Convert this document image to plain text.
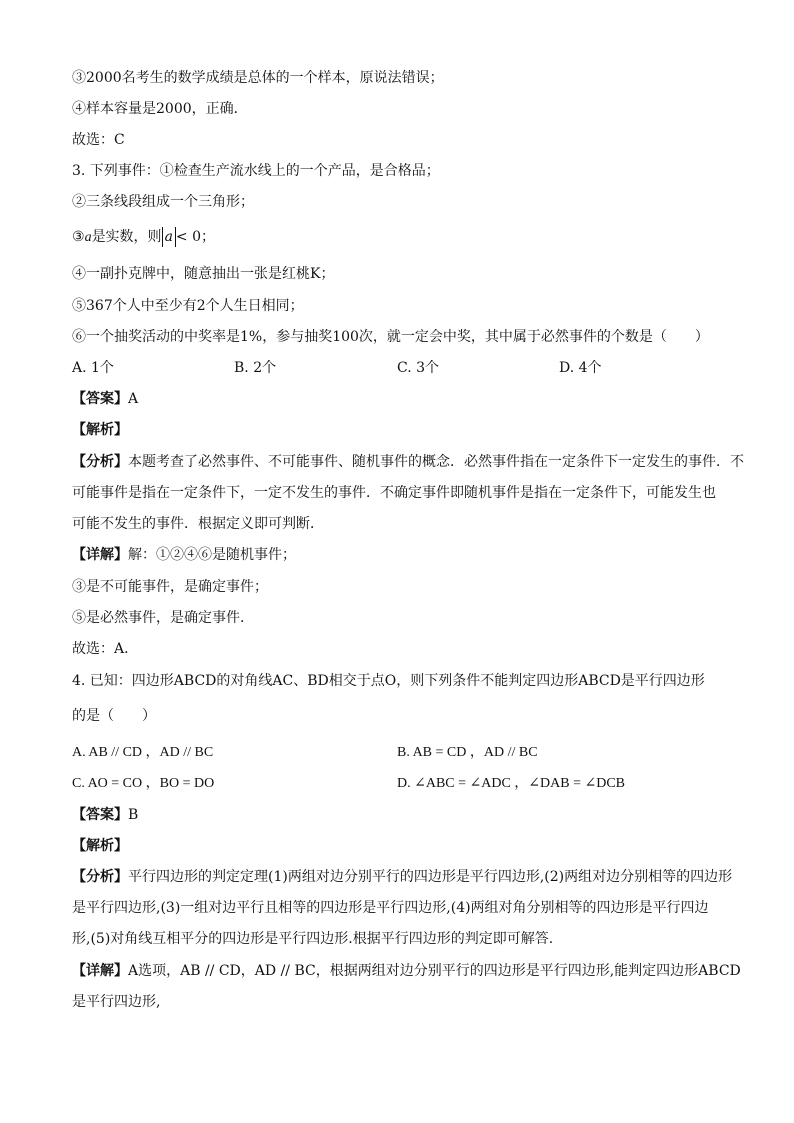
③2000名考生的数学成绩是总体的一个样本，原说法错误；
④样本容量是2000，正确．
故选：C
3. 下列事件：①检查生产流水线上的一个产品，是合格品；
②三条线段组成一个三角形；
③a是实数，则 a < 0；
④一副扑克牌中，随意抽出一张是红桃K；
⑤367个人中至少有2个人生日相同；
⑥一个抽奖活动的中奖率是1%，参与抽奖100次，就一定会中奖，其中属于必然事件的个数是（　　）
A. 1个	B. 2个	C. 3个	D. 4个
【答案】A
【解析】
【分析】本题考查了必然事件、不可能事件、随机事件的概念．必然事件指在一定条件下一定发生的事件．不
可能事件是指在一定条件下，一定不发生的事件．不确定事件即随机事件是指在一定条件下，可能发生也
可能不发生的事件．根据定义即可判断．
【详解】解：①②④⑥是随机事件；
③是不可能事件，是确定事件；
⑤是必然事件，是确定事件．
故选：A．
4. 已知：四边形ABCD的对角线AC、BD相交于点O，则下列条件不能判定四边形ABCD是平行四边形
的是（　　）
A. AB // CD ，AD // BC	B. AB = CD ，AD // BC
C. AO = CO ，BO = DO	D. ∠ABC = ∠ADC ，∠DAB = ∠DCB
【答案】B
【解析】
【分析】平行四边形的判定定理(1)两组对边分别平行的四边形是平行四边形,(2)两组对边分别相等的四边形
是平行四边形,(3)一组对边平行且相等的四边形是平行四边形,(4)两组对角分别相等的四边形是平行四边
形,(5)对角线互相平分的四边形是平行四边形.根据平行四边形的判定即可解答.
【详解】A选项，AB // CD，AD // BC，根据两组对边分别平行的四边形是平行四边形,能判定四边形ABCD
是平行四边形,
